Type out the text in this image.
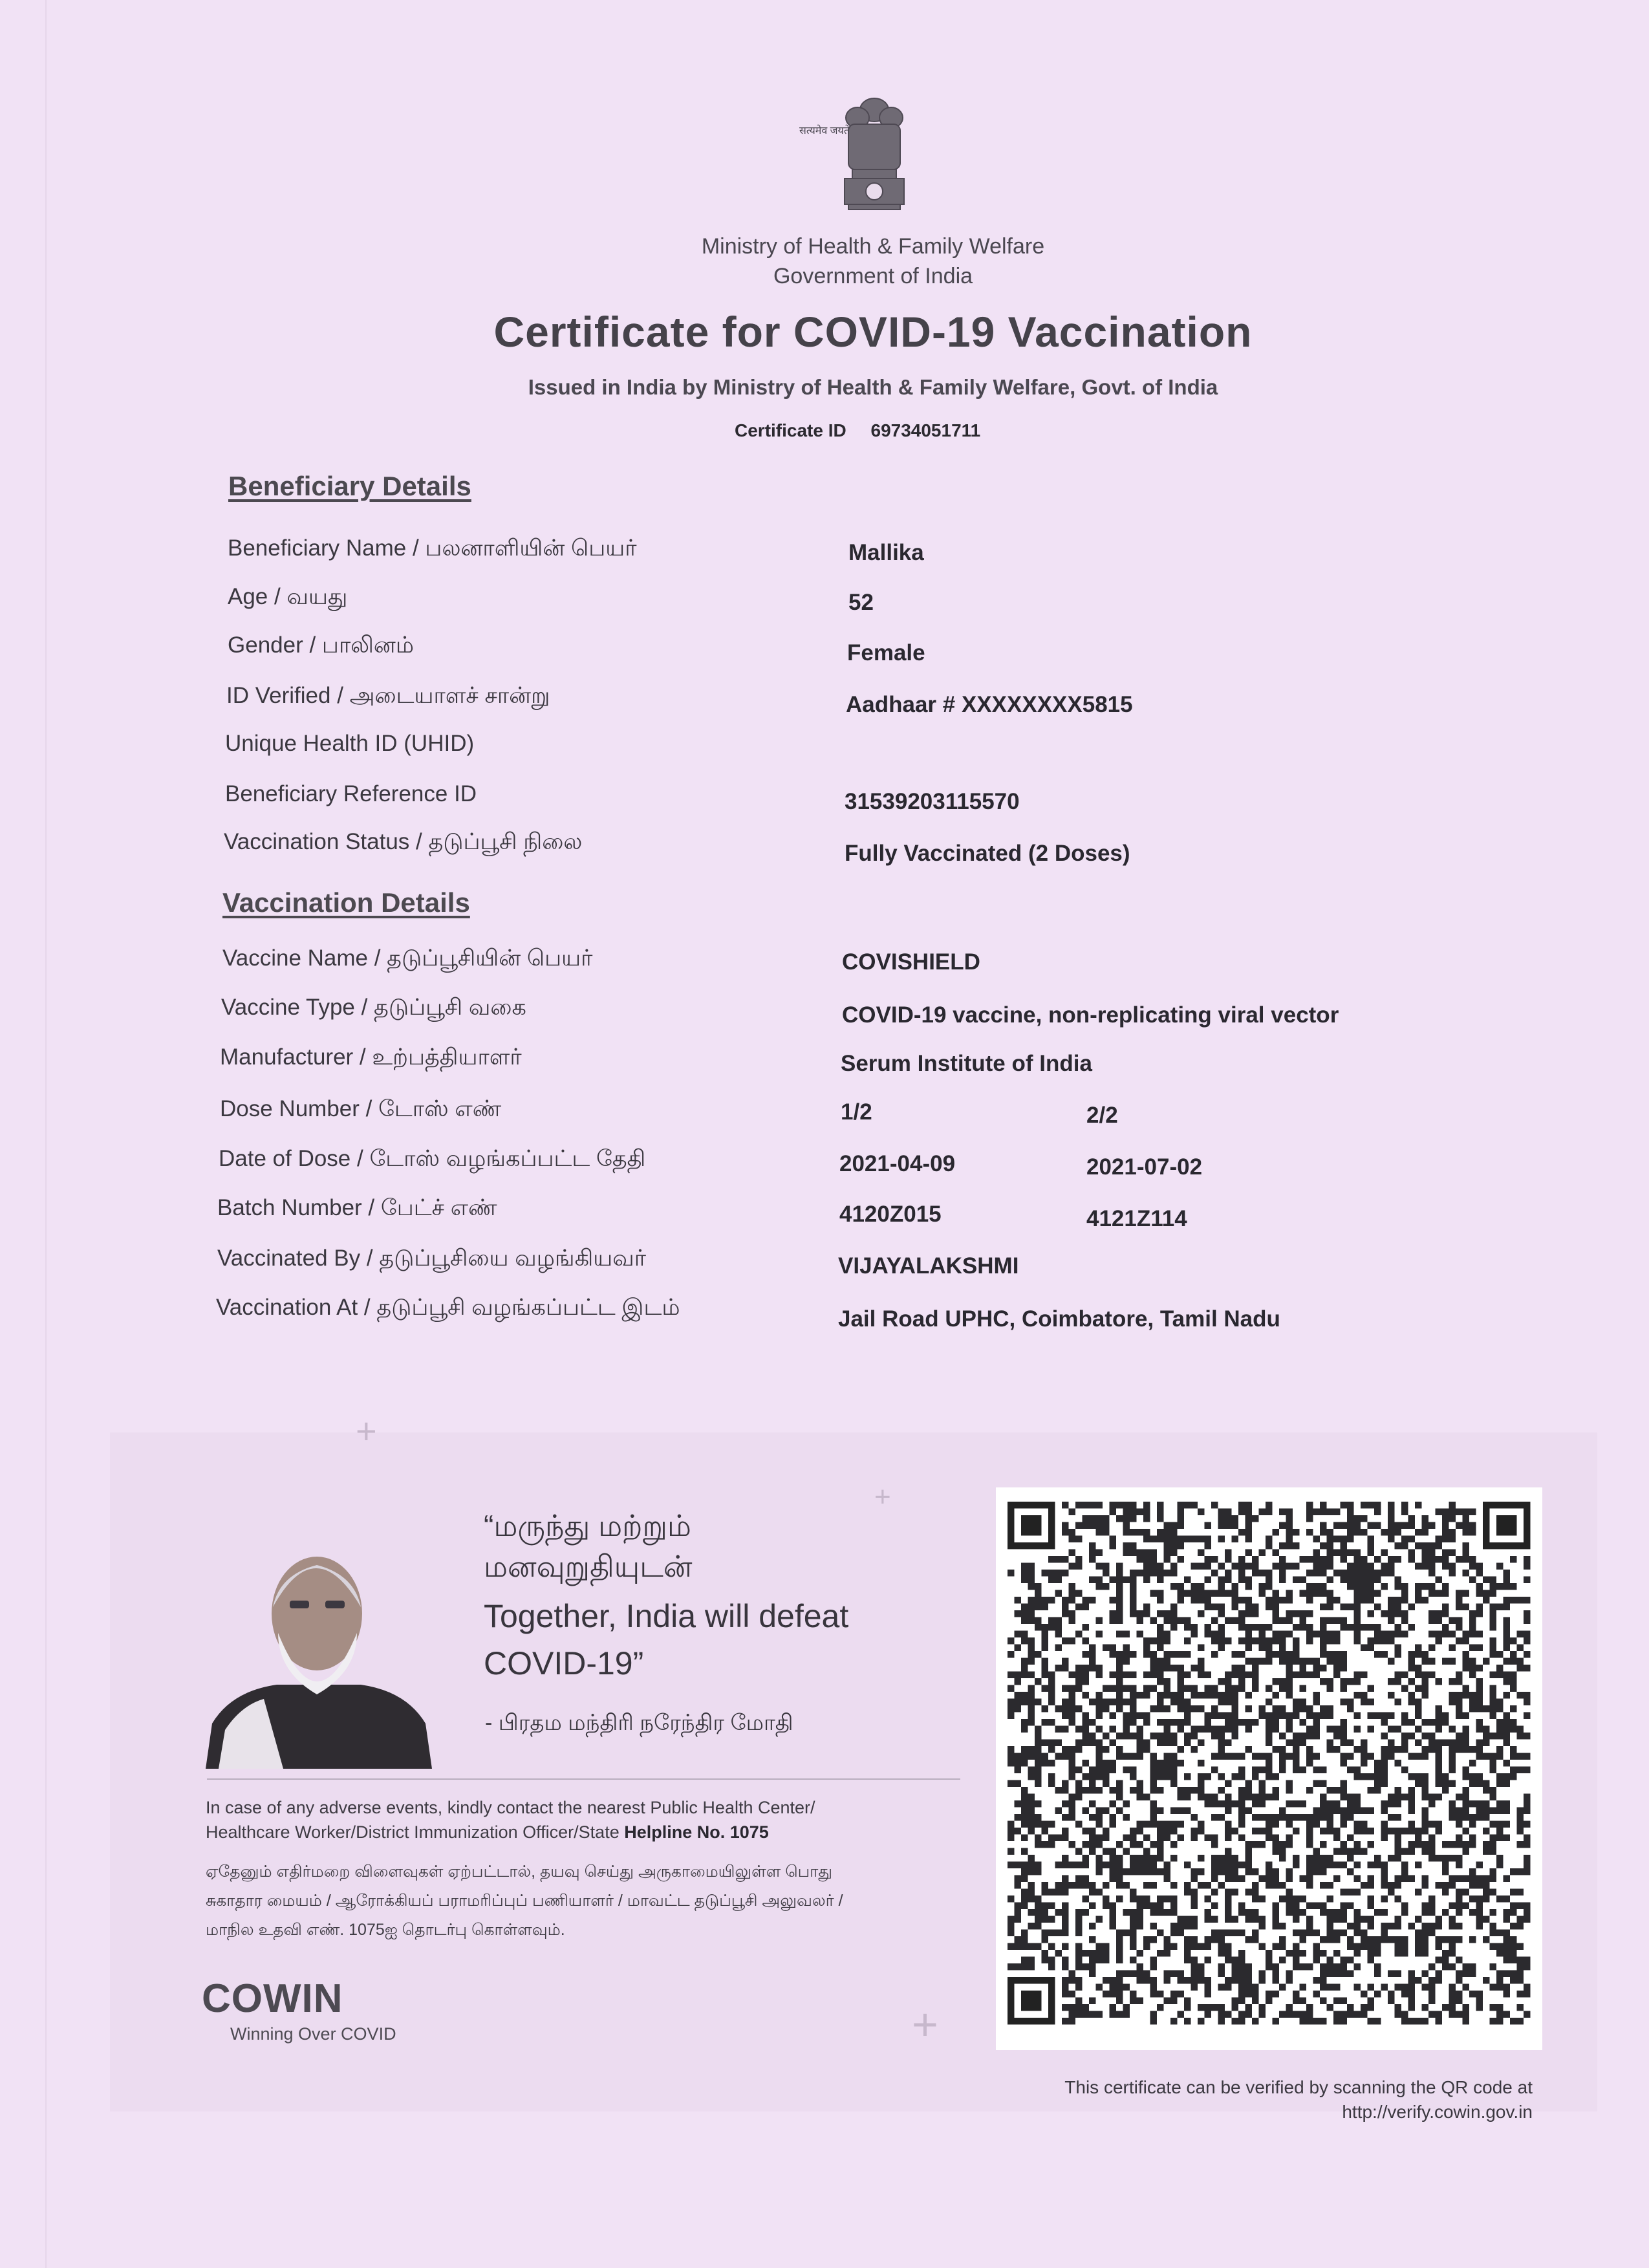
सत्यमेव जयते
Ministry of Health & Family Welfare
Government of India
Certificate for COVID-19 Vaccination
Issued in India by Ministry of Health & Family Welfare, Govt. of India
Certificate ID 69734051711
Beneficiary Details
Beneficiary Name / பலனாளியின் பெயர்	Mallika
Age / வயது	52
Gender / பாலினம்	Female
ID Verified / அடையாளச் சான்று	Aadhaar # XXXXXXXX5815
Unique Health ID (UHID)
Beneficiary Reference ID	31539203115570
Vaccination Status / தடுப்பூசி நிலை	Fully Vaccinated (2 Doses)
Vaccination Details
Vaccine Name / தடுப்பூசியின் பெயர்	COVISHIELD
Vaccine Type / தடுப்பூசி வகை	COVID-19 vaccine, non-replicating viral vector
Manufacturer / உற்பத்தியாளர்	Serum Institute of India
Dose Number / டோஸ் எண்	1/2	2/2
Date of Dose / டோஸ் வழங்கப்பட்ட தேதி	2021-04-09	2021-07-02
Batch Number / பேட்ச் எண்	4120Z015	4121Z114
Vaccinated By / தடுப்பூசியை வழங்கியவர்	VIJAYALAKSHMI
Vaccination At / தடுப்பூசி வழங்கப்பட்ட இடம்	Jail Road UPHC, Coimbatore, Tamil Nadu
+
+
+
“மருந்து மற்றும்
மனவுறுதியுடன்
Together, India will defeat
COVID-19”
- பிரதம மந்திரி நரேந்திர மோதி
In case of any adverse events, kindly contact the nearest Public Health Center/
Healthcare Worker/District Immunization Officer/State Helpline No. 1075
ஏதேனும் எதிர்மறை விளைவுகள் ஏற்பட்டால், தயவு செய்து அருகாமையிலுள்ள பொது
சுகாதார மையம் / ஆரோக்கியப் பராமரிப்புப் பணியாளர் / மாவட்ட தடுப்பூசி அலுவலர் /
மாநில உதவி எண். 1075ஐ தொடர்பு கொள்ளவும்.
COWIN
Winning Over COVID
This certificate can be verified by scanning the QR code at
http://verify.cowin.gov.in
